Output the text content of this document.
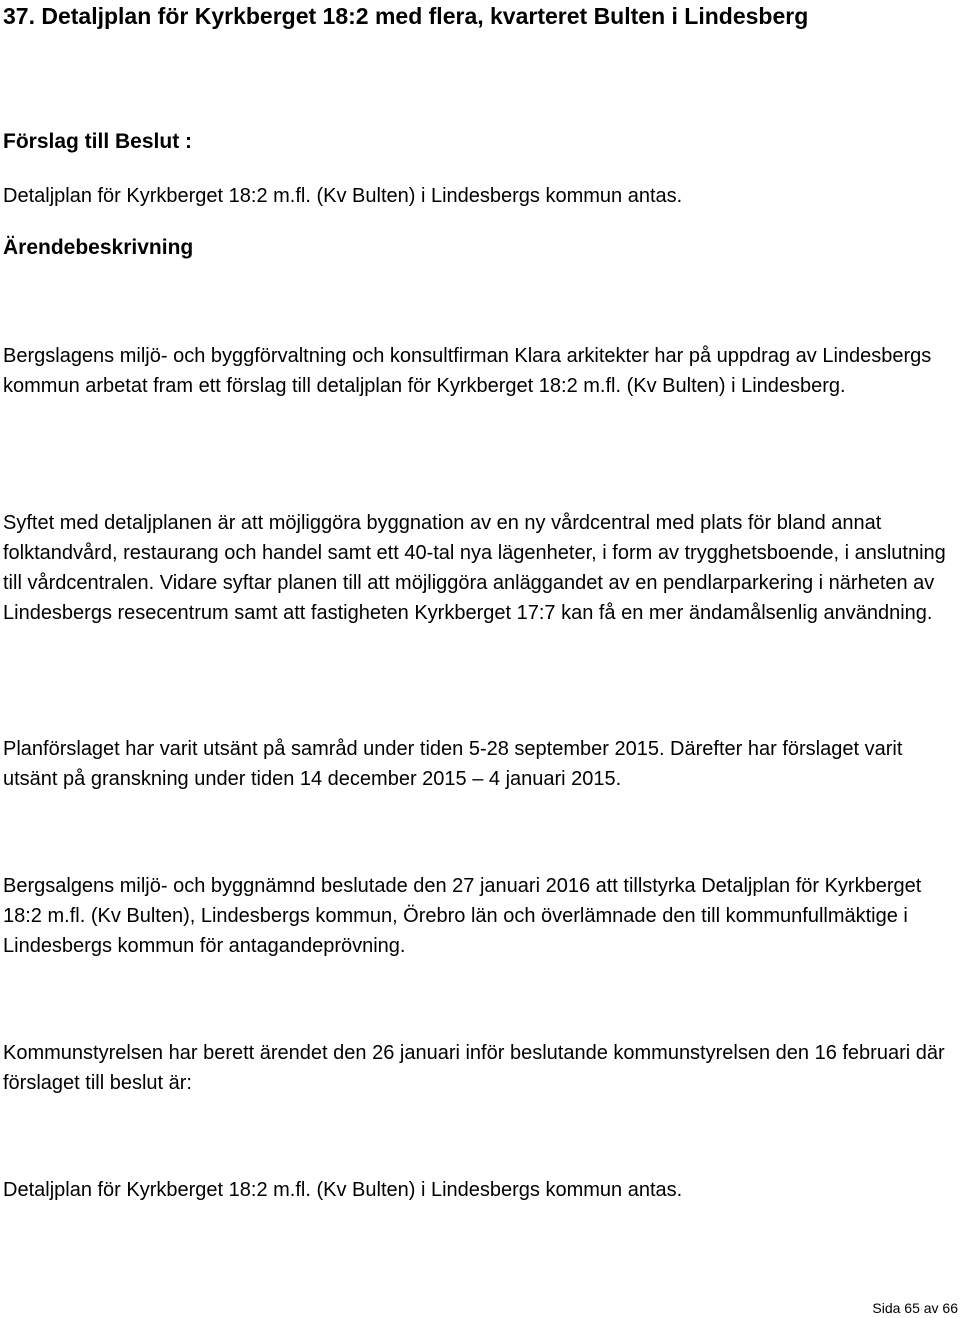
37. Detaljplan för Kyrkberget 18:2 med flera, kvarteret Bulten i Lindesberg
Förslag till Beslut :

Detaljplan för Kyrkberget 18:2 m.fl. (Kv Bulten) i Lindesbergs kommun antas.

Ärendebeskrivning

Bergslagens miljö- och byggförvaltning och konsultfirman Klara arkitekter har på uppdrag av Lindesbergs kommun arbetat fram ett förslag till detaljplan för Kyrkberget 18:2 m.fl. (Kv Bulten) i Lindesberg.

Syftet med detaljplanen är att möjliggöra byggnation av en ny vårdcentral med plats för bland annat folktandvård, restaurang och handel samt ett 40-tal nya lägenheter, i form av trygghetsboende, i anslutning till vårdcentralen. Vidare syftar planen till att möjliggöra anläggandet av en pendlarparkering i närheten av Lindesbergs resecentrum samt att fastigheten Kyrkberget 17:7 kan få en mer ändamålsenlig användning.

Planförslaget har varit utsänt på samråd under tiden 5-28 september 2015. Därefter har förslaget varit utsänt på granskning under tiden 14 december 2015 – 4 januari 2015.

Bergsalgens miljö- och byggnämnd beslutade den 27 januari 2016 att tillstyrka Detaljplan för Kyrkberget 18:2 m.fl. (Kv Bulten), Lindesbergs kommun, Örebro län och överlämnade den till kommunfullmäktige i Lindesbergs kommun för antagandeprövning.

Kommunstyrelsen har berett ärendet den 26 januari inför beslutande kommunstyrelsen den 16 februari där förslaget till beslut är:

Detaljplan för Kyrkberget 18:2 m.fl. (Kv Bulten) i Lindesbergs kommun antas.

Sida 65 av 66
